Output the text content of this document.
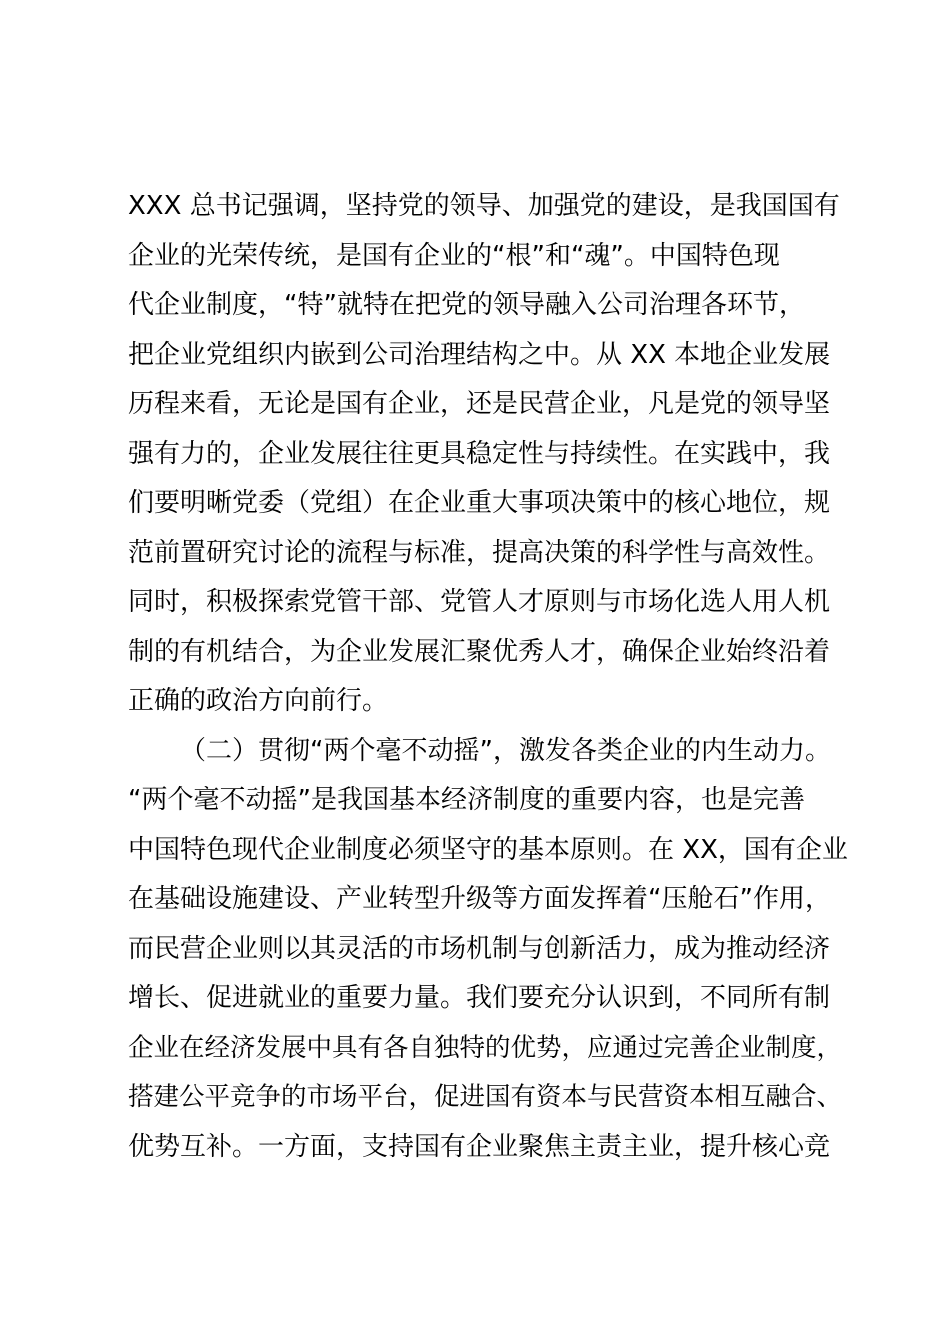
XXX 总书记强调，坚持党的领导、加强党的建设，是我国国有

企业的光荣传统，是国有企业的“根”和“魂”。中国特色现

代企业制度，“特”就特在把党的领导融入公司治理各环节，

把企业党组织内嵌到公司治理结构之中。从 XX 本地企业发展

历程来看，无论是国有企业，还是民营企业，凡是党的领导坚

强有力的，企业发展往往更具稳定性与持续性。在实践中，我

们要明晰党委（党组）在企业重大事项决策中的核心地位，规

范前置研究讨论的流程与标准，提高决策的科学性与高效性。

同时，积极探索党管干部、党管人才原则与市场化选人用人机

制的有机结合，为企业发展汇聚优秀人才，确保企业始终沿着

正确的政治方向前行。

（二）贯彻“两个毫不动摇”，激发各类企业的内生动力。

“两个毫不动摇”是我国基本经济制度的重要内容，也是完善

中国特色现代企业制度必须坚守的基本原则。在 XX，国有企业

在基础设施建设、产业转型升级等方面发挥着“压舱石”作用，

而民营企业则以其灵活的市场机制与创新活力，成为推动经济

增长、促进就业的重要力量。我们要充分认识到，不同所有制

企业在经济发展中具有各自独特的优势，应通过完善企业制度，

搭建公平竞争的市场平台，促进国有资本与民营资本相互融合、

优势互补。一方面，支持国有企业聚焦主责主业，提升核心竞
